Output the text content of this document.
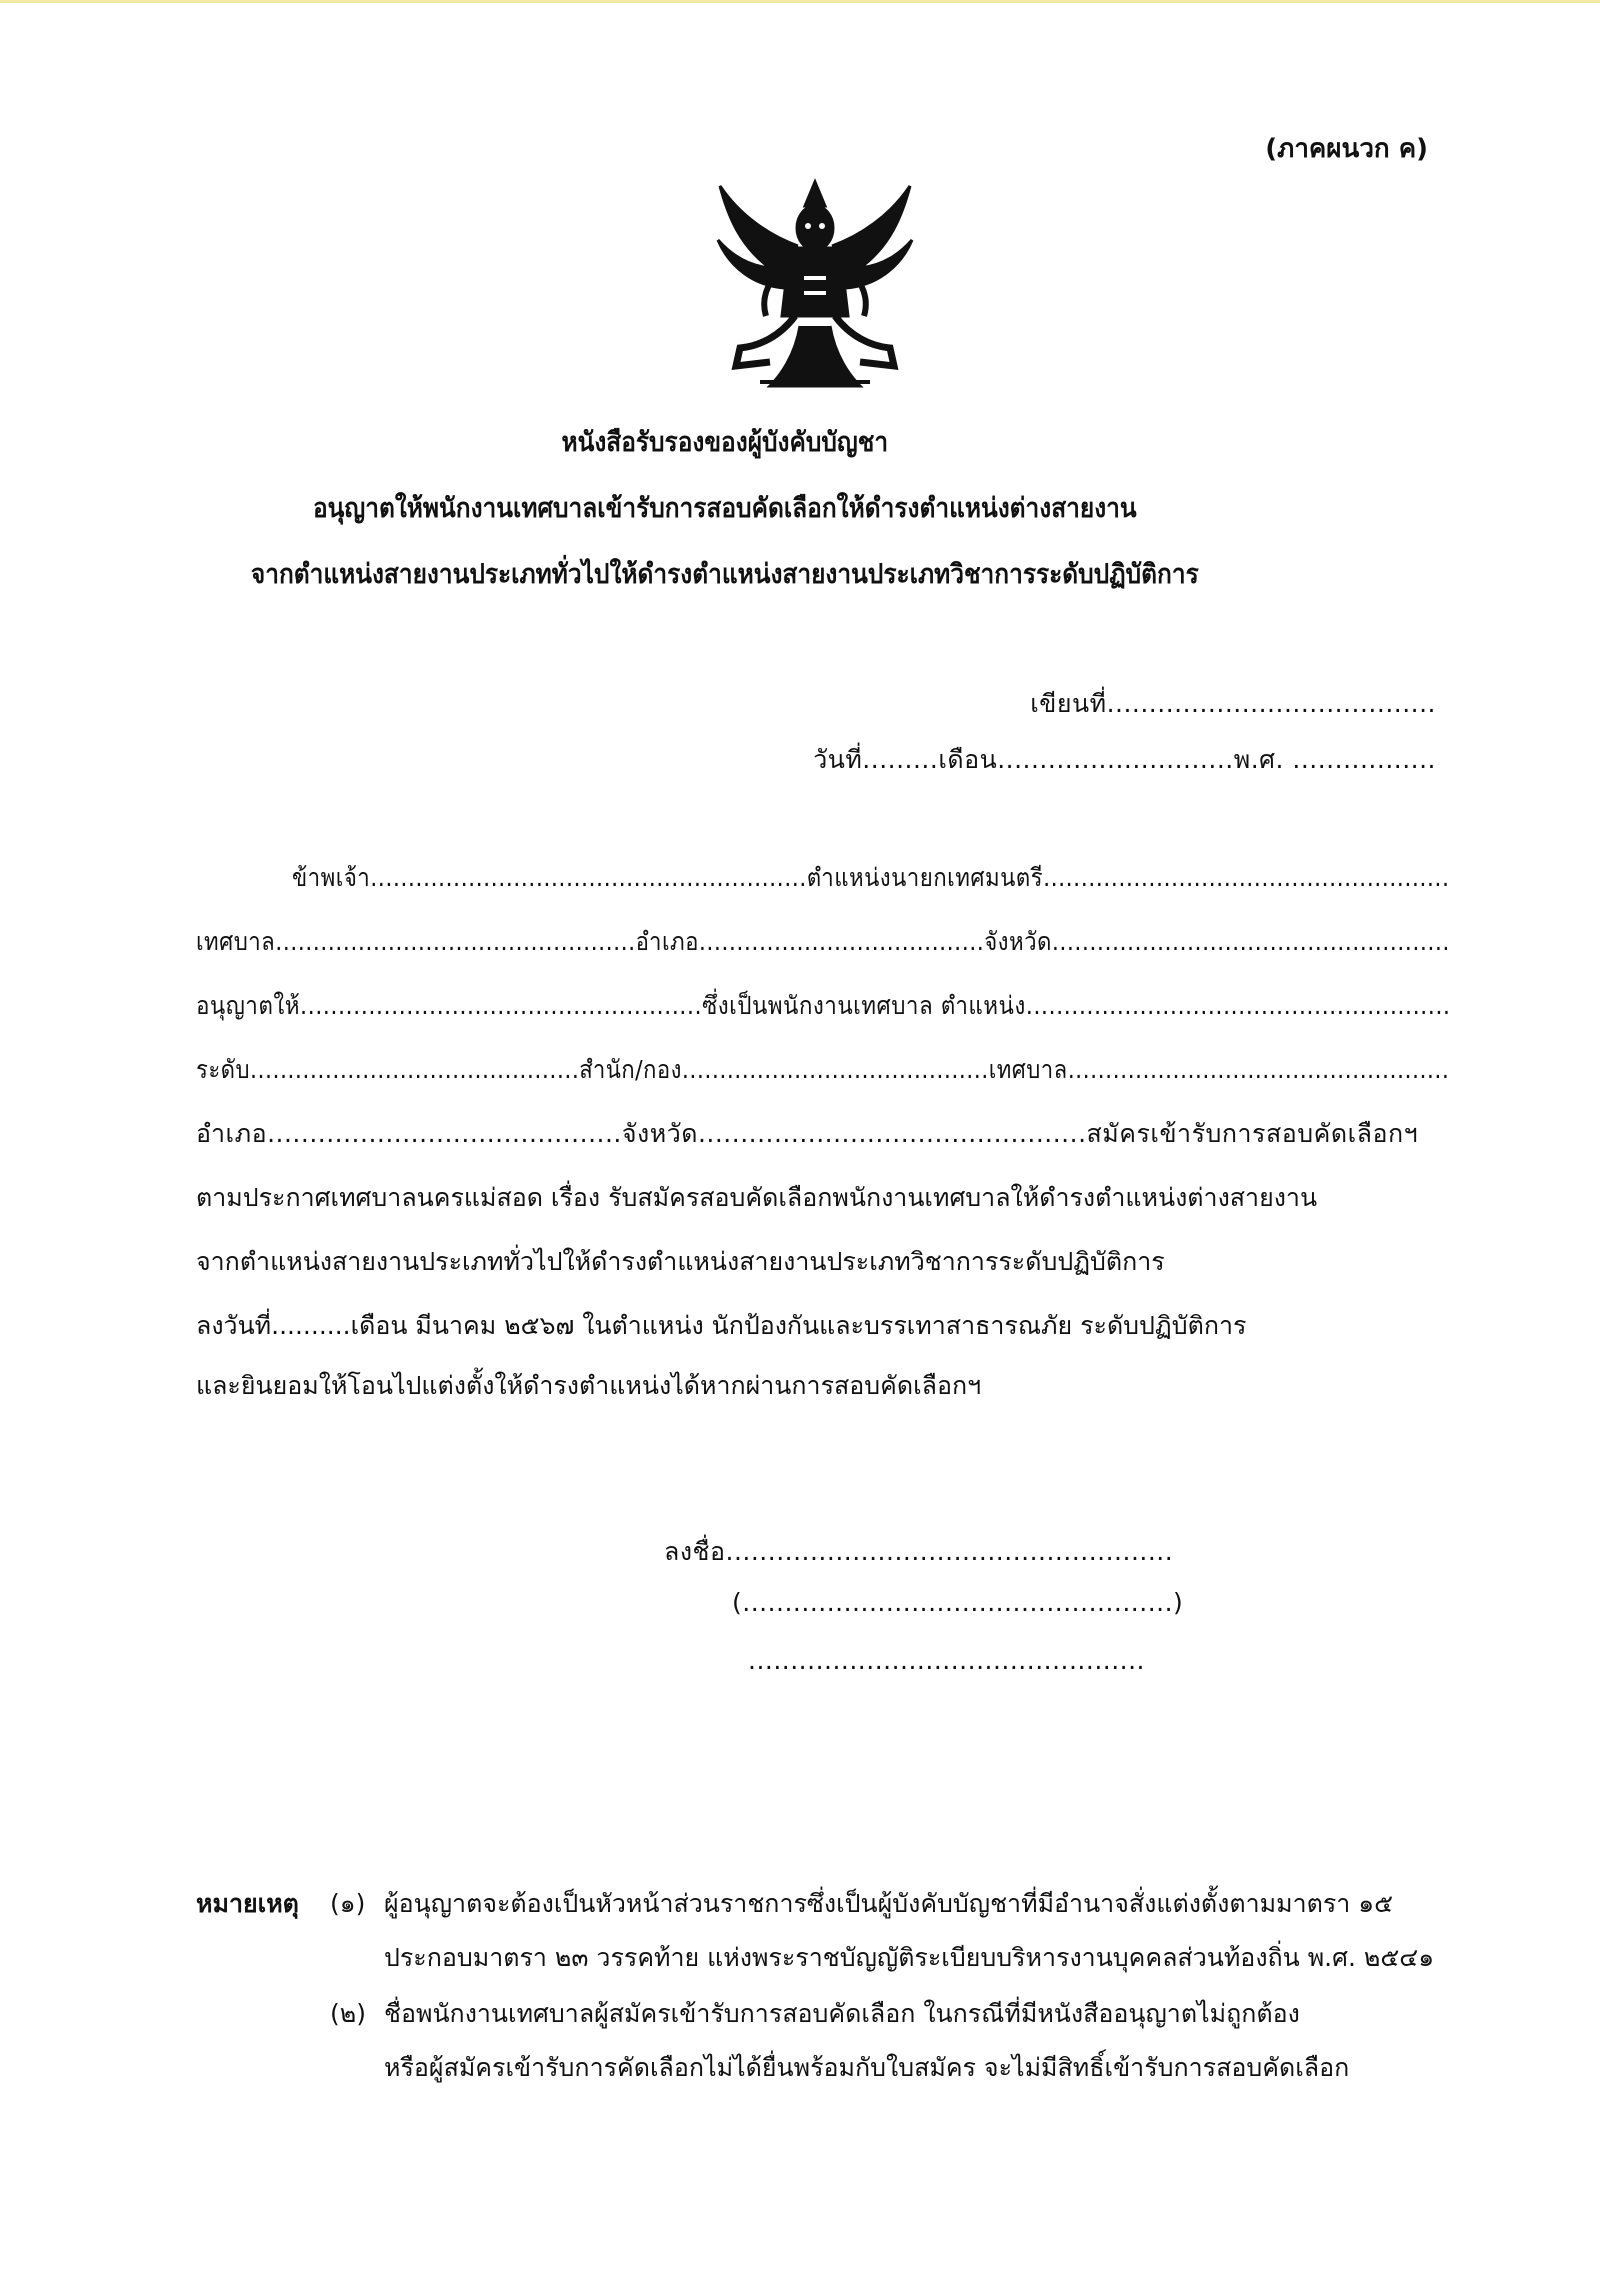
(ภาคผนวก ค)
หนังสือรับรองของผู้บังคับบัญชา
อนุญาตให้พนักงานเทศบาลเข้ารับการสอบคัดเลือกให้ดำรงตำแหน่งต่างสายงาน
จากตำแหน่งสายงานประเภททั่วไปให้ดำรงตำแหน่งสายงานประเภทวิชาการระดับปฏิบัติการ
เขียนที่.......................................
วันที่.........เดือน............................พ.ศ. .................
ข้าพเจ้า..........................................................ตำแหน่งนายกเทศมนตรี......................................................
เทศบาล................................................อำเภอ......................................จังหวัด.....................................................
อนุญาตให้.....................................................ซึ่งเป็นพนักงานเทศบาล ตำแหน่ง........................................................
ระดับ............................................สำนัก/กอง.........................................เทศบาล...................................................
อำเภอ..........................................จังหวัด..............................................สมัครเข้ารับการสอบคัดเลือกฯ
ตามประกาศเทศบาลนครแม่สอด เรื่อง รับสมัครสอบคัดเลือกพนักงานเทศบาลให้ดำรงตำแหน่งต่างสายงาน
จากตำแหน่งสายงานประเภททั่วไปให้ดำรงตำแหน่งสายงานประเภทวิชาการระดับปฏิบัติการ
ลงวันที่..........เดือน มีนาคม ๒๕๖๗ ในตำแหน่ง นักป้องกันและบรรเทาสาธารณภัย ระดับปฏิบัติการ
และยินยอมให้โอนไปแต่งตั้งให้ดำรงตำแหน่งได้หากผ่านการสอบคัดเลือกฯ
ลงชื่อ.....................................................
(...................................................)
...............................................
หมายเหตุ (๑) ผู้อนุญาตจะต้องเป็นหัวหน้าส่วนราชการซึ่งเป็นผู้บังคับบัญชาที่มีอำนาจสั่งแต่งตั้งตามมาตรา ๑๕
ประกอบมาตรา ๒๓ วรรคท้าย แห่งพระราชบัญญัติระเบียบบริหารงานบุคคลส่วนท้องถิ่น พ.ศ. ๒๕๔๑
(๒) ชื่อพนักงานเทศบาลผู้สมัครเข้ารับการสอบคัดเลือก ในกรณีที่มีหนังสืออนุญาตไม่ถูกต้อง
หรือผู้สมัครเข้ารับการคัดเลือกไม่ได้ยื่นพร้อมกับใบสมัคร จะไม่มีสิทธิ์เข้ารับการสอบคัดเลือก
